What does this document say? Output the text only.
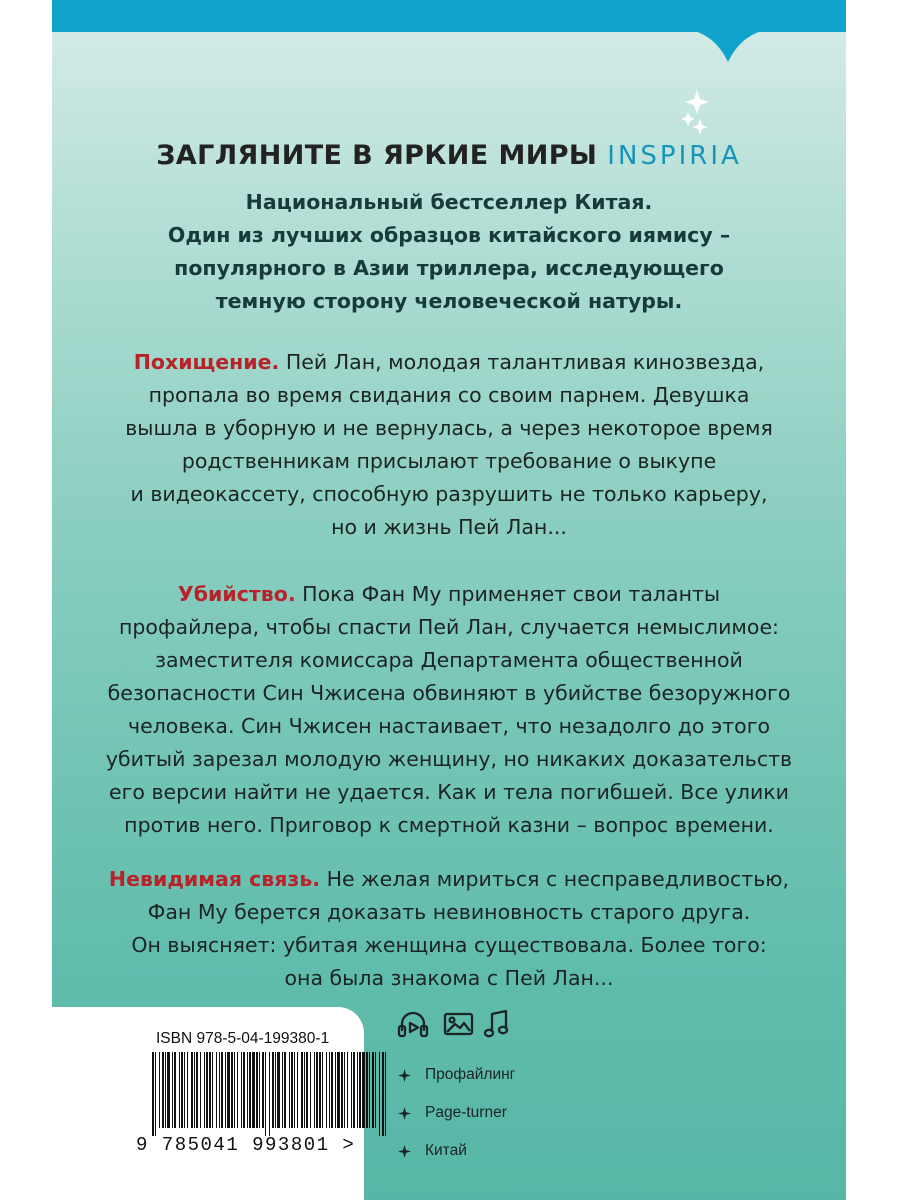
ЗАГЛЯНИТЕ В ЯРКИЕ МИРЫ INSPIRIA
Национальный бестселлер Китая.
Один из лучших образцов китайского иямису –
популярного в Азии триллера, исследующего
темную сторону человеческой натуры.
Похищение. Пей Лан, молодая талантливая кинозвезда,
пропала во время свидания со своим парнем. Девушка
вышла в уборную и не вернулась, а через некоторое время
родственникам присылают требование о выкупе
и видеокассету, способную разрушить не только карьеру,
но и жизнь Пей Лан...
Убийство. Пока Фан Му применяет свои таланты
профайлера, чтобы спасти Пей Лан, случается немыслимое:
заместителя комиссара Департамента общественной
безопасности Син Чжисена обвиняют в убийстве безоружного
человека. Син Чжисен настаивает, что незадолго до этого
убитый зарезал молодую женщину, но никаких доказательств
его версии найти не удается. Как и тела погибшей. Все улики
против него. Приговор к смертной казни – вопрос времени.
Невидимая связь. Не желая мириться с несправедливостью,
Фан Му берется доказать невиновность старого друга.
Он выясняет: убитая женщина существовала. Более того:
она была знакома с Пей Лан...
ISBN 978-5-04-199380-1
9 785041 993801 >
Профайлинг
Page-turner
Китай
